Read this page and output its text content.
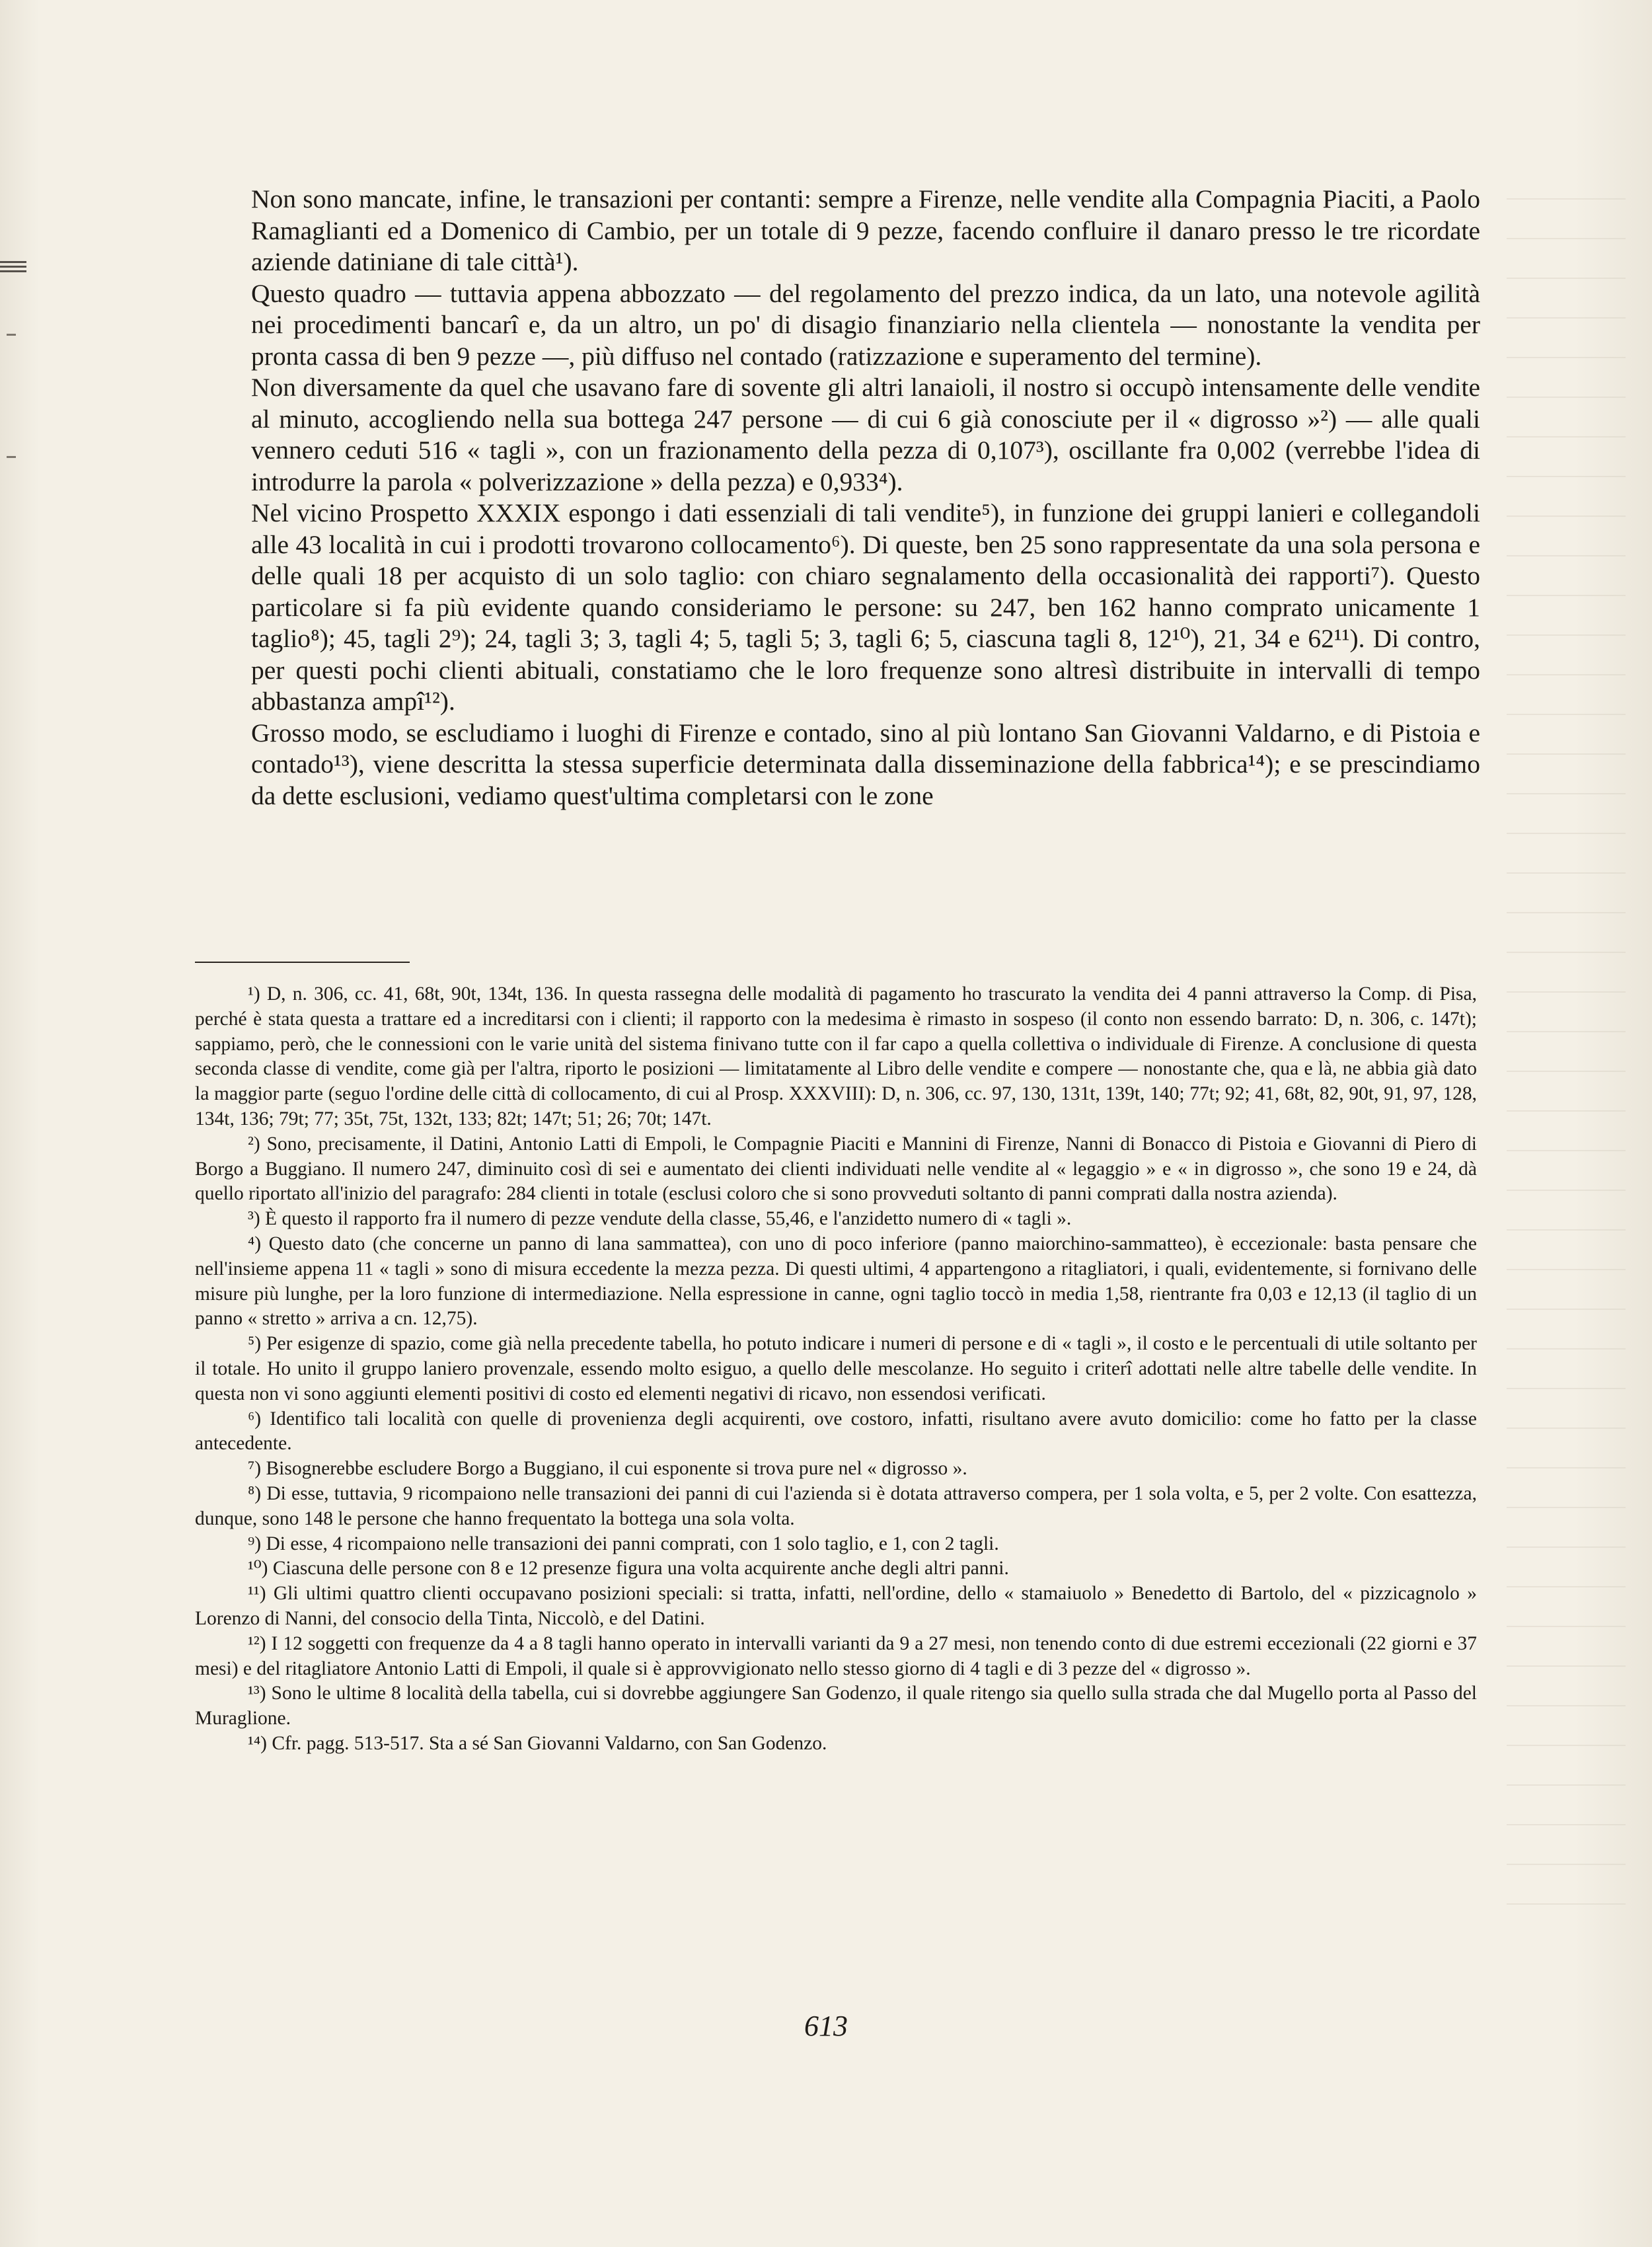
Non sono mancate, infine, le transazioni per contanti: sempre a Firenze, nelle vendite alla Compagnia Piaciti, a Paolo Ramaglianti ed a Domenico di Cambio, per un totale di 9 pezze, facendo confluire il danaro presso le tre ricordate aziende datiniane di tale città¹).

Questo quadro — tuttavia appena abbozzato — del regolamento del prezzo indica, da un lato, una notevole agilità nei procedimenti bancarî e, da un altro, un po' di disagio finanziario nella clientela — nonostante la vendita per pronta cassa di ben 9 pezze —, più diffuso nel contado (ratizzazione e superamento del termine).

Non diversamente da quel che usavano fare di sovente gli altri lanaioli, il nostro si occupò intensamente delle vendite al minuto, accogliendo nella sua bottega 247 persone — di cui 6 già conosciute per il « digrosso »²) — alle quali vennero ceduti 516 « tagli », con un frazionamento della pezza di 0,107³), oscillante fra 0,002 (verrebbe l'idea di introdurre la parola « polverizzazione » della pezza) e 0,933⁴).

Nel vicino Prospetto XXXIX espongo i dati essenziali di tali vendite⁵), in funzione dei gruppi lanieri e collegandoli alle 43 località in cui i prodotti trovarono collocamento⁶). Di queste, ben 25 sono rappresentate da una sola persona e delle quali 18 per acquisto di un solo taglio: con chiaro segnalamento della occasionalità dei rapporti⁷). Questo particolare si fa più evidente quando consideriamo le persone: su 247, ben 162 hanno comprato unicamente 1 taglio⁸); 45, tagli 2⁹); 24, tagli 3; 3, tagli 4; 5, tagli 5; 3, tagli 6; 5, ciascuna tagli 8, 12¹⁰), 21, 34 e 62¹¹). Di contro, per questi pochi clienti abituali, constatiamo che le loro frequenze sono altresì distribuite in intervalli di tempo abbastanza ampî¹²).

Grosso modo, se escludiamo i luoghi di Firenze e contado, sino al più lontano San Giovanni Valdarno, e di Pistoia e contado¹³), viene descritta la stessa superficie determinata dalla disseminazione della fabbrica¹⁴); e se prescindiamo da dette esclusioni, vediamo quest'ultima completarsi con le zone

¹) D, n. 306, cc. 41, 68t, 90t, 134t, 136. In questa rassegna delle modalità di pagamento ho trascurato la vendita dei 4 panni attraverso la Comp. di Pisa, perché è stata questa a trattare ed a increditarsi con i clienti; il rapporto con la medesima è rimasto in sospeso (il conto non essendo barrato: D, n. 306, c. 147t); sappiamo, però, che le connessioni con le varie unità del sistema finivano tutte con il far capo a quella collettiva o individuale di Firenze. A conclusione di questa seconda classe di vendite, come già per l'altra, riporto le posizioni — limitatamente al Libro delle vendite e compere — nonostante che, qua e là, ne abbia già dato la maggior parte (seguo l'ordine delle città di collocamento, di cui al Prosp. XXXVIII): D, n. 306, cc. 97, 130, 131t, 139t, 140; 77t; 92; 41, 68t, 82, 90t, 91, 97, 128, 134t, 136; 79t; 77; 35t, 75t, 132t, 133; 82t; 147t; 51; 26; 70t; 147t.

²) Sono, precisamente, il Datini, Antonio Latti di Empoli, le Compagnie Piaciti e Mannini di Firenze, Nanni di Bonacco di Pistoia e Giovanni di Piero di Borgo a Buggiano. Il numero 247, diminuito così di sei e aumentato dei clienti individuati nelle vendite al « legaggio » e « in digrosso », che sono 19 e 24, dà quello riportato all'inizio del paragrafo: 284 clienti in totale (esclusi coloro che si sono provveduti soltanto di panni comprati dalla nostra azienda).

³) È questo il rapporto fra il numero di pezze vendute della classe, 55,46, e l'anzidetto numero di « tagli ».

⁴) Questo dato (che concerne un panno di lana sammattea), con uno di poco inferiore (panno maiorchino-sammatteo), è eccezionale: basta pensare che nell'insieme appena 11 « tagli » sono di misura eccedente la mezza pezza. Di questi ultimi, 4 appartengono a ritagliatori, i quali, evidentemente, si fornivano delle misure più lunghe, per la loro funzione di intermediazione. Nella espressione in canne, ogni taglio toccò in media 1,58, rientrante fra 0,03 e 12,13 (il taglio di un panno « stretto » arriva a cn. 12,75).

⁵) Per esigenze di spazio, come già nella precedente tabella, ho potuto indicare i numeri di persone e di « tagli », il costo e le percentuali di utile soltanto per il totale. Ho unito il gruppo laniero provenzale, essendo molto esiguo, a quello delle mescolanze. Ho seguito i criterî adottati nelle altre tabelle delle vendite. In questa non vi sono aggiunti elementi positivi di costo ed elementi negativi di ricavo, non essendosi verificati.

⁶) Identifico tali località con quelle di provenienza degli acquirenti, ove costoro, infatti, risultano avere avuto domicilio: come ho fatto per la classe antecedente.

⁷) Bisognerebbe escludere Borgo a Buggiano, il cui esponente si trova pure nel « digrosso ».

⁸) Di esse, tuttavia, 9 ricompaiono nelle transazioni dei panni di cui l'azienda si è dotata attraverso compera, per 1 sola volta, e 5, per 2 volte. Con esattezza, dunque, sono 148 le persone che hanno frequentato la bottega una sola volta.

⁹) Di esse, 4 ricompaiono nelle transazioni dei panni comprati, con 1 solo taglio, e 1, con 2 tagli.

¹⁰) Ciascuna delle persone con 8 e 12 presenze figura una volta acquirente anche degli altri panni.

¹¹) Gli ultimi quattro clienti occupavano posizioni speciali: si tratta, infatti, nell'ordine, dello « stamaiuolo » Benedetto di Bartolo, del « pizzicagnolo » Lorenzo di Nanni, del consocio della Tinta, Niccolò, e del Datini.

¹²) I 12 soggetti con frequenze da 4 a 8 tagli hanno operato in intervalli varianti da 9 a 27 mesi, non tenendo conto di due estremi eccezionali (22 giorni e 37 mesi) e del ritagliatore Antonio Latti di Empoli, il quale si è approvvigionato nello stesso giorno di 4 tagli e di 3 pezze del « digrosso ».

¹³) Sono le ultime 8 località della tabella, cui si dovrebbe aggiungere San Godenzo, il quale ritengo sia quello sulla strada che dal Mugello porta al Passo del Muraglione.

¹⁴) Cfr. pagg. 513-517. Sta a sé San Giovanni Valdarno, con San Godenzo.

613
